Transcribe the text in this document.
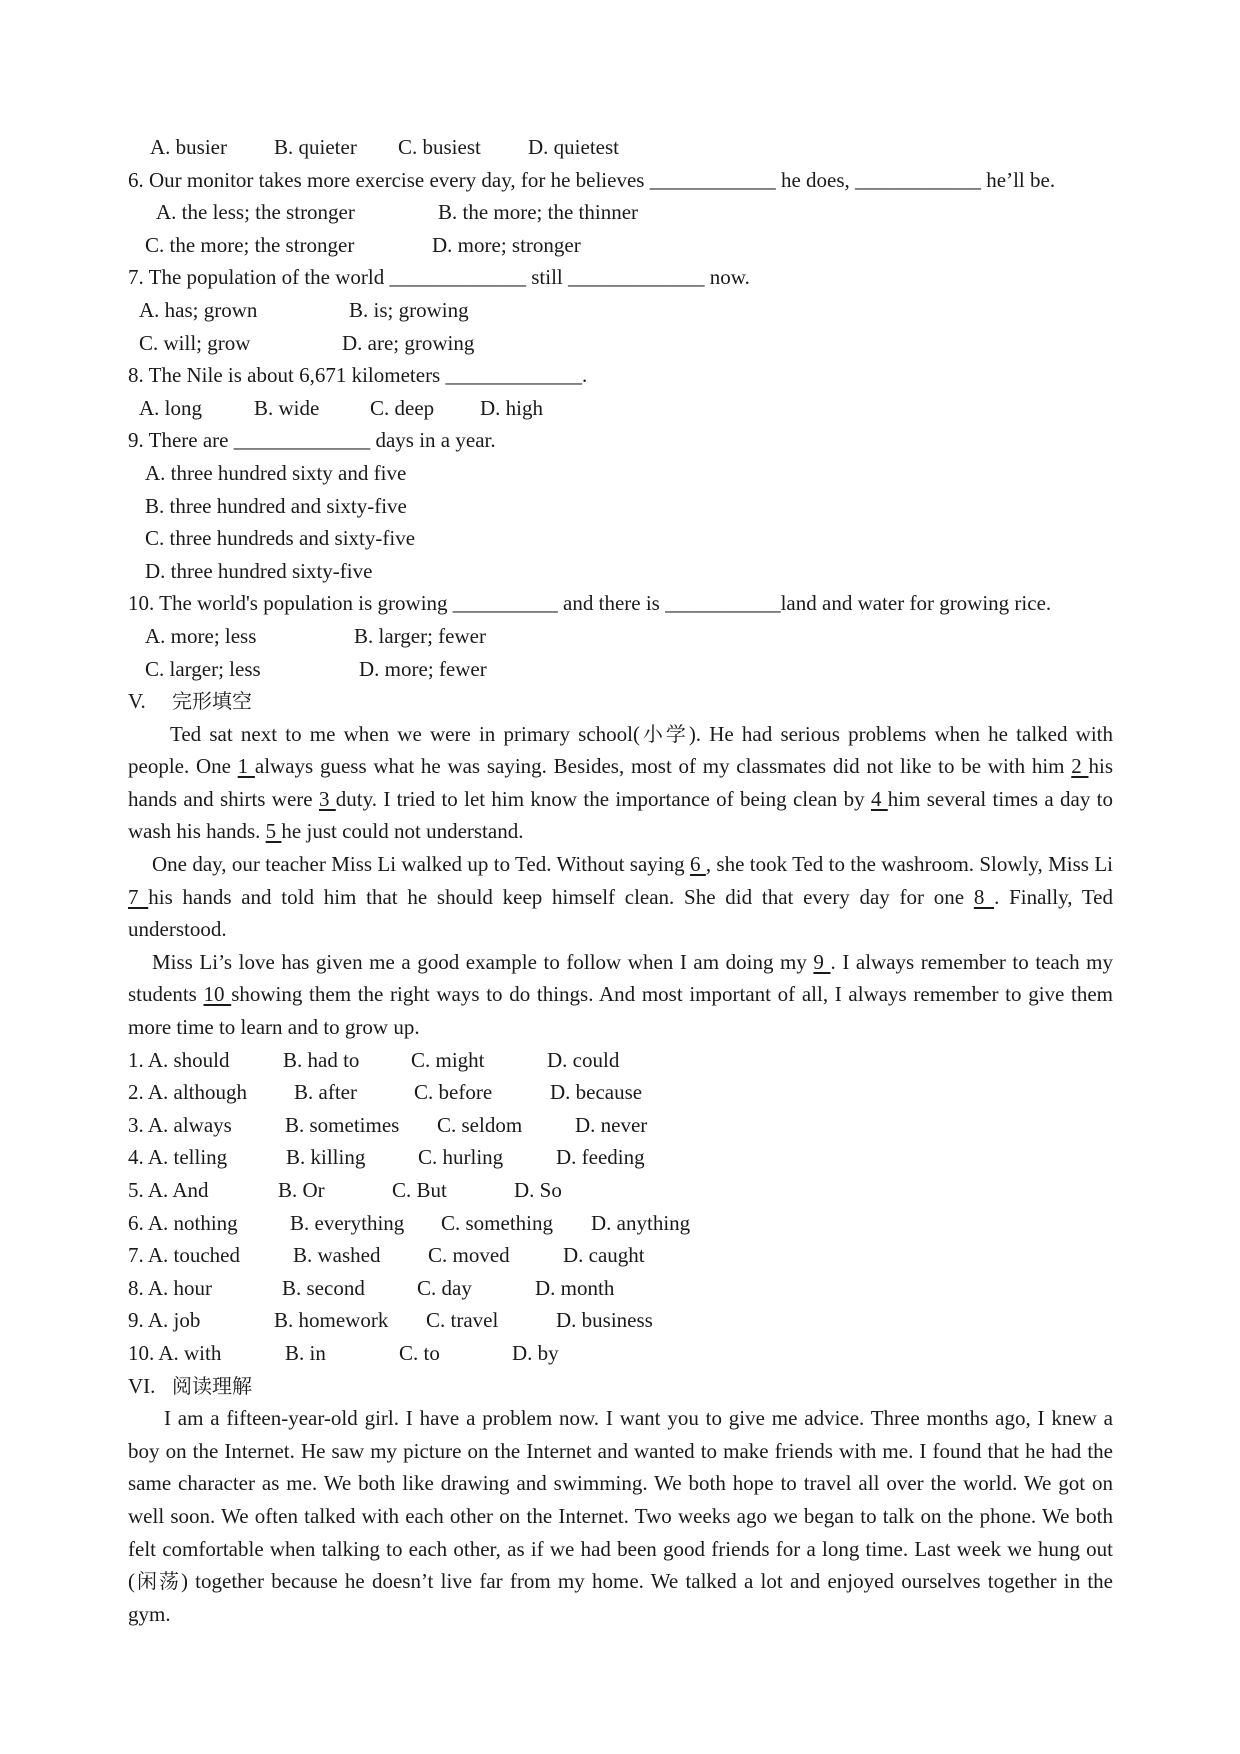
A. busier B. quieter C. busiest D. quietest
6. Our monitor takes more exercise every day, for he believes ____________ he does, ____________ he’ll be.
A. the less; the stronger	B. the more; the thinner
C. the more; the stronger	D. more; stronger
7. The population of the world _____________ still _____________ now.
A. has; grown	B. is; growing
C. will; grow	D. are; growing
8. The Nile is about 6,671 kilometers _____________.
A. long B. wide C. deep D. high
9. There are _____________ days in a year.
A. three hundred sixty and five
B. three hundred and sixty-five
C. three hundreds and sixty-five
D. three hundred sixty-five
10. The world's population is growing __________ and there is ___________land and water for growing rice.
A. more; less	B. larger; fewer
C. larger; less	D. more; fewer
V. 完形填空

Ted sat next to me when we were in primary school(小学). He had serious problems when he talked with people. One 1 always guess what he was saying. Besides, most of my classmates did not like to be with him 2 his hands and shirts were 3 duty. I tried to let him know the importance of being clean by 4 him several times a day to wash his hands. 5 he just could not understand.

One day, our teacher Miss Li walked up to Ted. Without saying 6 , she took Ted to the washroom. Slowly, Miss Li 7 his hands and told him that he should keep himself clean. She did that every day for one 8 . Finally, Ted understood.

Miss Li’s love has given me a good example to follow when I am doing my 9 . I always remember to teach my students 10 showing them the right ways to do things. And most important of all, I always remember to give them more time to learn and to grow up.

1. A. should	B. had to C. might	D. could
2. A. although B. after	C. before	D. because
3. A. always	B. sometimes C. seldom	D. never
4. A. telling	B. killing	C. hurling	D. feeding
5. A. And	B. Or	C. But	D. So
6. A. nothing B. everything C. something D. anything
7. A. touched	B. washed C. moved	D. caught
8. A. hour	B. second C. day	D. month
9. A. job	B. homework C. travel	D. business
10. A. with	B. in	C. to	D. by
VI. 阅读理解

I am a fifteen-year-old girl. I have a problem now. I want you to give me advice. Three months ago, I knew a boy on the Internet. He saw my picture on the Internet and wanted to make friends with me. I found that he had the same character as me. We both like drawing and swimming. We both hope to travel all over the world. We got on well soon. We often talked with each other on the Internet. Two weeks ago we began to talk on the phone. We both felt comfortable when talking to each other, as if we had been good friends for a long time. Last week we hung out (闲荡) together because he doesn’t live far from my home. We talked a lot and enjoyed ourselves together in the gym.
